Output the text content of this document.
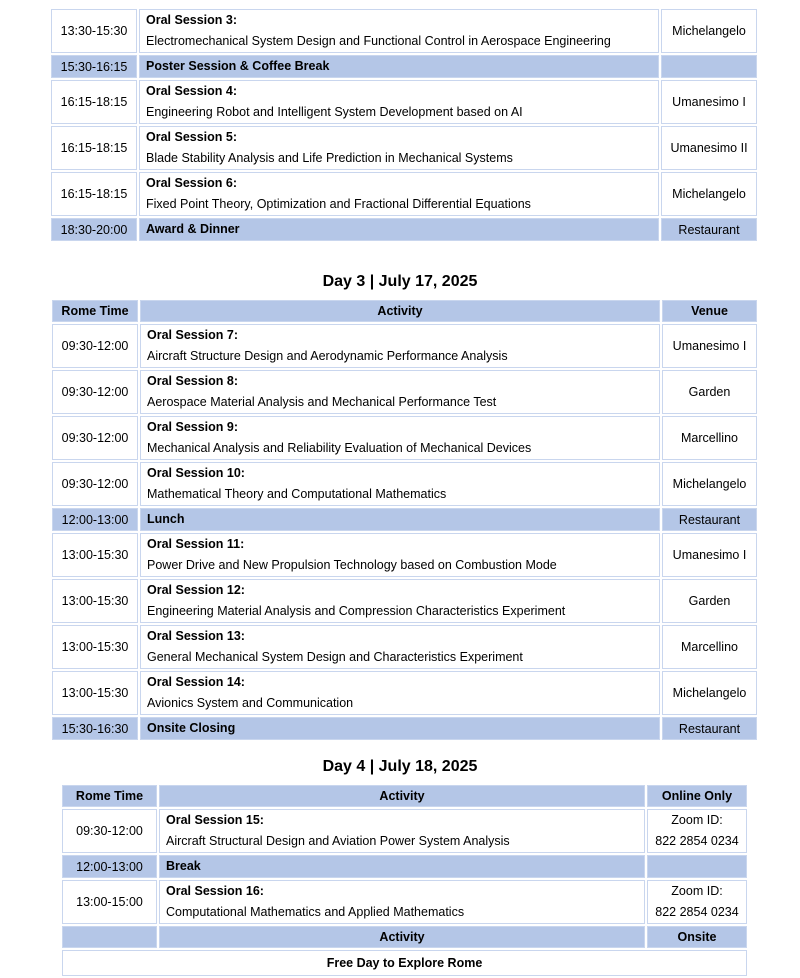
13:30-15:30	Oral Session 3:
Electromechanical System Design and Functional Control in Aerospace Engineering	Michelangelo
15:30-16:15	Poster Session & Coffee Break	
16:15-18:15	Oral Session 4:
Engineering Robot and Intelligent System Development based on AI	Umanesimo I
16:15-18:15	Oral Session 5:
Blade Stability Analysis and Life Prediction in Mechanical Systems	Umanesimo II
16:15-18:15	Oral Session 6:
Fixed Point Theory, Optimization and Fractional Differential Equations	Michelangelo
18:30-20:00	Award & Dinner	Restaurant
Day 3 | July 17, 2025
Rome Time	Activity	Venue
09:30-12:00	Oral Session 7:
Aircraft Structure Design and Aerodynamic Performance Analysis	Umanesimo I
09:30-12:00	Oral Session 8:
Aerospace Material Analysis and Mechanical Performance Test	Garden
09:30-12:00	Oral Session 9:
Mechanical Analysis and Reliability Evaluation of Mechanical Devices	Marcellino
09:30-12:00	Oral Session 10:
Mathematical Theory and Computational Mathematics	Michelangelo
12:00-13:00	Lunch	Restaurant
13:00-15:30	Oral Session 11:
Power Drive and New Propulsion Technology based on Combustion Mode	Umanesimo I
13:00-15:30	Oral Session 12:
Engineering Material Analysis and Compression Characteristics Experiment	Garden
13:00-15:30	Oral Session 13:
General Mechanical System Design and Characteristics Experiment	Marcellino
13:00-15:30	Oral Session 14:
Avionics System and Communication	Michelangelo
15:30-16:30	Onsite Closing	Restaurant
Day 4 | July 18, 2025
Rome Time	Activity	Online Only
09:30-12:00	Oral Session 15:
Aircraft Structural Design and Aviation Power System Analysis	Zoom ID:
822 2854 0234

12:00-13:00	Break	
13:00-15:00	Oral Session 16:
Computational Mathematics and Applied Mathematics	Zoom ID:
822 2854 0234

	Activity	Onsite
Free Day to Explore Rome		
